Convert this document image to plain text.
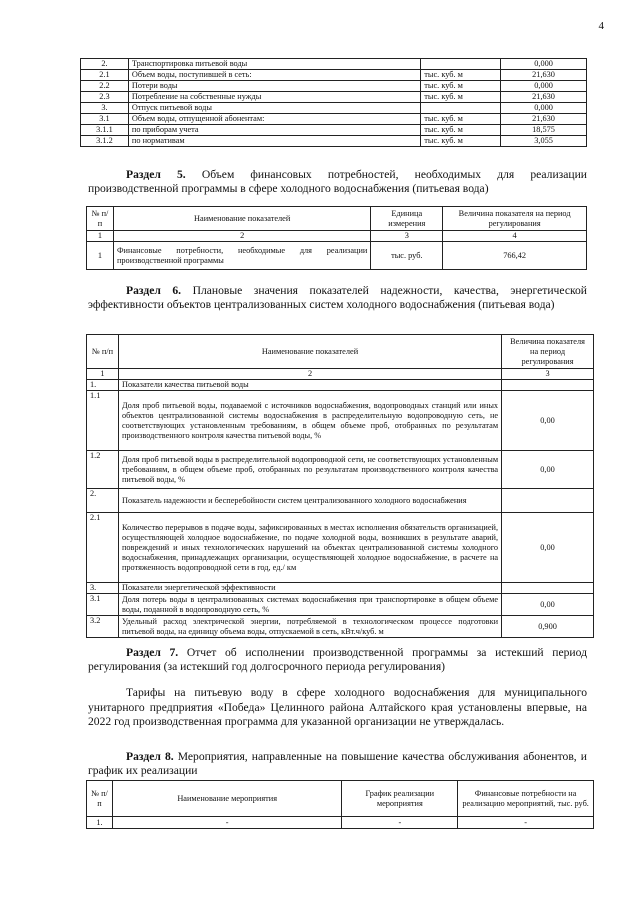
4
2.	Транспортировка питьевой воды		0,000
2.1	Объем воды, поступившей в сеть:	тыс. куб. м	21,630
2.2	Потери воды	тыс. куб. м	0,000
2.3	Потребление на собственные нужды	тыс. куб. м	21,630
3.	Отпуск питьевой воды		0,000
3.1	Объем воды, отпущенной абонентам:	тыс. куб. м	21,630
3.1.1	по приборам учета	тыс. куб. м	18,575
3.1.2	по нормативам	тыс. куб. м	3,055
Раздел 5. Объем финансовых потребностей, необходимых для реализации производственной программы в сфере холодного водоснабжения (питьевая вода)
№ п/п	Наименование показателей	Единица измерения	Величина показателя на период регулирования
1	2	3	4
1	Финансовые потребности, необходимые для реализации производственной программы	тыс. руб.	766,42
Раздел 6. Плановые значения показателей надежности, качества, энергетической эффективности объектов централизованных систем холодного водоснабжения (питьевая вода)
№ п/п	Наименование показателей	Величина показателя на период регулирования
1	2	3
1.	Показатели качества питьевой воды	
1.1	Доля проб питьевой воды, подаваемой с источников водоснабжения, водопроводных станций или иных объектов централизованной системы водоснабжения в распределительную водопроводную сеть, не соответствующих установленным требованиям, в общем объеме проб, отобранных по результатам производственного контроля качества питьевой воды, %	0,00
1.2	Доля проб питьевой воды в распределительной водопроводной сети, не соответствующих установленным требованиям, в общем объеме проб, отобранных по результатам производственного контроля качества питьевой воды, %	0,00
2.	Показатель надежности и бесперебойности систем централизованного холодного водоснабжения	
2.1	Количество перерывов в подаче воды, зафиксированных в местах исполнения обязательств организацией, осуществляющей холодное водоснабжение, по подаче холодной воды, возникших в результате аварий, повреждений и иных технологических нарушений на объектах централизованной системы холодного водоснабжения, принадлежащих организации, осуществляющей холодное водоснабжение, в расчете на протяженность водопроводной сети в год, ед./ км	0,00
3.	Показатели энергетической эффективности	
3.1	Доля потерь воды в централизованных системах водоснабжения при транспортировке в общем объеме воды, поданной в водопроводную сеть, %	0,00
3.2	Удельный расход электрической энергии, потребляемой в технологическом процессе подготовки питьевой воды, на единицу объема воды, отпускаемой в сеть, кВт.ч/куб. м	0,900
Раздел 7. Отчет об исполнении производственной программы за истекший период регулирования (за истекший год долгосрочного периода регулирования)
Тарифы на питьевую воду в сфере холодного водоснабжения для муниципального унитарного предприятия «Победа» Целинного района Алтайского края установлены впервые, на 2022 год производственная программа для указанной организации не утверждалась.
Раздел 8. Мероприятия, направленные на повышение качества обслуживания абонентов, и график их реализации
№ п/п	Наименование мероприятия	График реализации мероприятия	Финансовые потребности на реализацию мероприятий, тыс. руб.
1.	-	-	-
